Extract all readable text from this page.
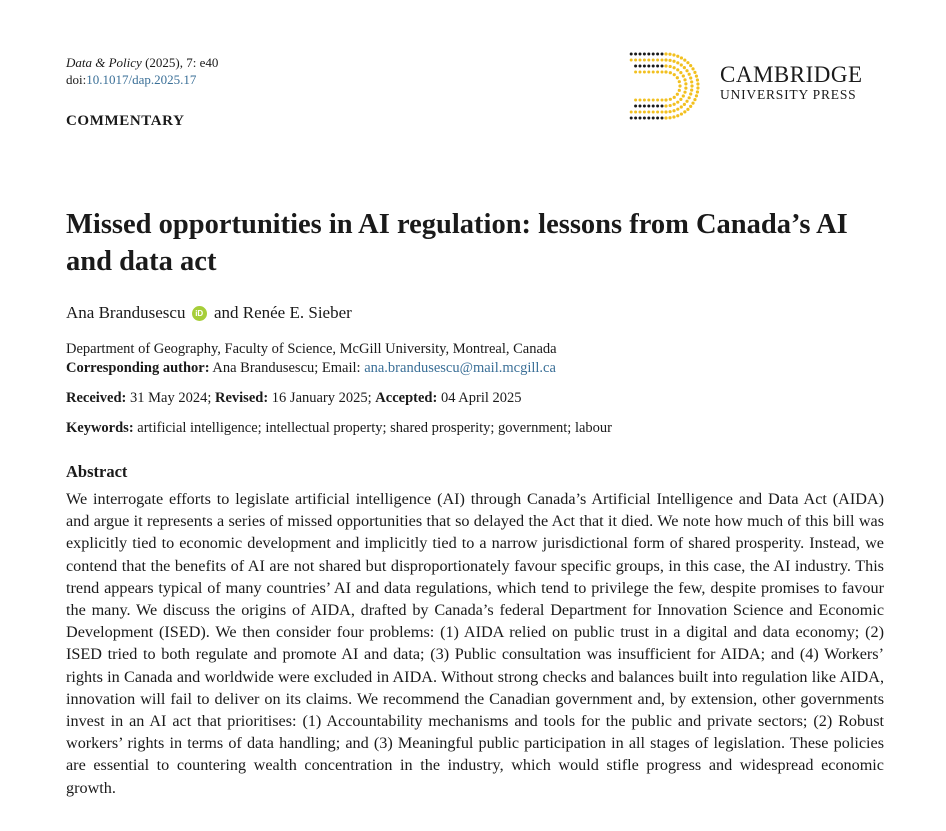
Data & Policy (2025), 7: e40
doi:10.1017/dap.2025.17
COMMENTARY
CAMBRIDGE
UNIVERSITY PRESS
Missed opportunities in AI regulation: lessons from Canada’s AI and data act
Ana Brandusescu iD and Renée E. Sieber
Department of Geography, Faculty of Science, McGill University, Montreal, Canada
Corresponding author: Ana Brandusescu; Email: ana.brandusescu@mail.mcgill.ca
Received: 31 May 2024; Revised: 16 January 2025; Accepted: 04 April 2025
Keywords: artificial intelligence; intellectual property; shared prosperity; government; labour
Abstract

We interrogate efforts to legislate artificial intelligence (AI) through Canada’s Artificial Intelligence and Data Act (AIDA) and argue it represents a series of missed opportunities that so delayed the Act that it died. We note how much of this bill was explicitly tied to economic development and implicitly tied to a narrow jurisdictional form of shared prosperity. Instead, we contend that the benefits of AI are not shared but disproportionately favour specific groups, in this case, the AI industry. This trend appears typical of many countries’ AI and data regulations, which tend to privilege the few, despite promises to favour the many. We discuss the origins of AIDA, drafted by Canada’s federal Department for Innovation Science and Economic Development (ISED). We then consider four problems: (1) AIDA relied on public trust in a digital and data economy; (2) ISED tried to both regulate and promote AI and data; (3) Public consultation was insufficient for AIDA; and (4) Workers’ rights in Canada and worldwide were excluded in AIDA. Without strong checks and balances built into regulation like AIDA, innovation will fail to deliver on its claims. We recommend the Canadian government and, by extension, other governments invest in an AI act that prioritises: (1) Accountability mechanisms and tools for the public and private sectors; (2) Robust workers’ rights in terms of data handling; and (3) Meaningful public participation in all stages of legislation. These policies are essential to countering wealth concentration in the industry, which would stifle progress and widespread economic growth.
